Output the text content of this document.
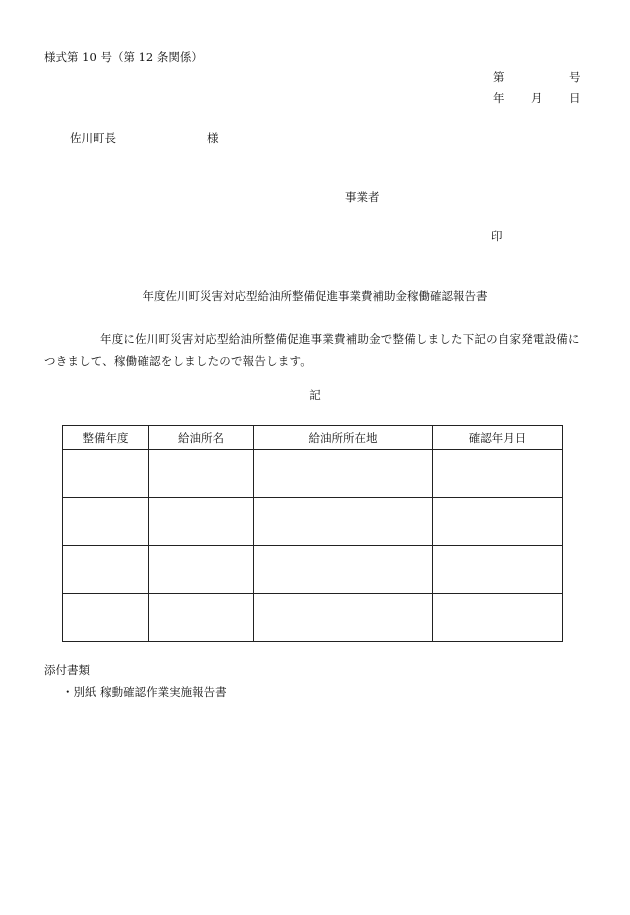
様式第 10 号（第 12 条関係）
第	号
年 月 日
佐川町長	様
事業者
印
年度佐川町災害対応型給油所整備促進事業費補助金稼働確認報告書
年度に佐川町災害対応型給油所整備促進事業費補助金で整備しました下記の自家発電設備につきまして、稼働確認をしましたので報告します。
記
整備年度	給油所名	給油所所在地	確認年月日

添付書類
・別紙 稼動確認作業実施報告書
